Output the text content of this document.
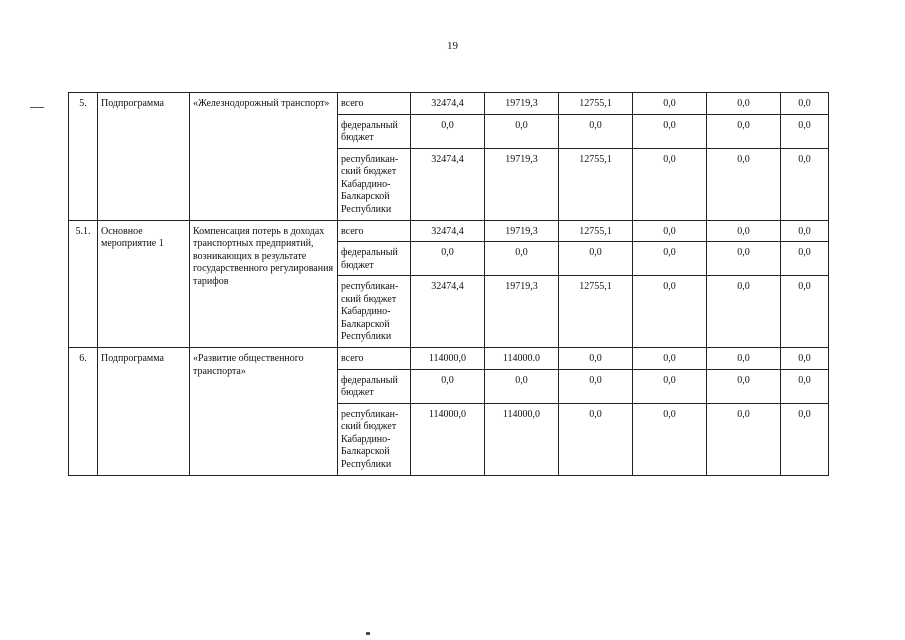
19
5.	Подпрограмма	«Железнодорожный транспорт»	всего	32474,4	19719,3	12755,1	0,0	0,0	0,0
			федеральный бюджет	0,0	0,0	0,0	0,0	0,0	0,0
			республикан-ский бюджет Кабардино-Балкарской Республики	32474,4	19719,3	12755,1	0,0	0,0	0,0
5.1.	Основное мероприятие 1	Компенсация потерь в доходах транспортных предприятий, возникающих в результате государственного регулирования тарифов	всего	32474,4	19719,3	12755,1	0,0	0,0	0,0
			федеральный бюджет	0,0	0,0	0,0	0,0	0,0	0,0
			республикан-ский бюджет Кабардино-Балкарской Республики	32474,4	19719,3	12755,1	0,0	0,0	0,0
6.	Подпрограмма	«Развитие общественного транспорта»	всего	114000,0	114000.0	0,0	0,0	0,0	0,0
			федеральный бюджет	0,0	0,0	0,0	0,0	0,0	0,0
			республикан-ский бюджет Кабардино-Балкарской Республики	114000,0	114000,0	0,0	0,0	0,0	0,0
